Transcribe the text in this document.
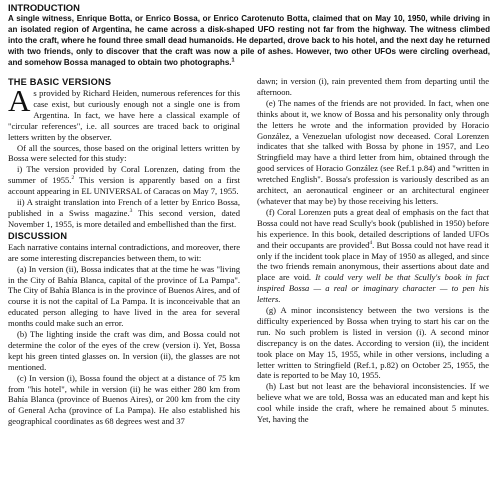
INTRODUCTION

A single witness, Enrique Botta, or Enrico Bossa, or Enrico Carotenuto Botta, claimed that on May 10, 1950, while driving in an isolated region of Argentina, he came across a disk-shaped UFO resting not far from the highway. The witness climbed into the craft, where he found three small dead humanoids. He departed, drove back to his hotel, and the next day he returned with two friends, only to discover that the craft was now a pile of ashes. However, two other UFOs were circling overhead, and somehow Bossa managed to obtain two photographs.$^1$

THE BASIC VERSIONS

As provided by Richard Heiden, numerous references for this case exist, but curiously enough not a single one is from Argentina. In fact, we have here a classical example of "circular references", i.e. all sources are traced back to original letters written by the observer.

Of all the sources, those based on the original letters written by Bossa were selected for this study:

i) The version provided by Coral Lorenzen, dating from the summer of 1955.$^2$ This version is apparently based on a first account appearing in EL UNIVERSAL of Caracas on May 7, 1955.

ii) A straight translation into French of a letter by Enrico Bossa, published in a Swiss magazine.$^3$ This second version, dated November 1, 1955, is more detailed and embellished than the first.

DISCUSSION

Each narrative contains internal contradictions, and moreover, there are some interesting discrepancies between them, to wit:

(a) In version (ii), Bossa indicates that at the time he was "living in the City of Bahía Blanca, capital of the province of La Pampa". The City of Bahía Blanca is in the province of Buenos Aires, and of course it is not the capital of La Pampa. It is inconceivable that an educated person alleging to have lived in the area for several months could make such an error.

(b) The lighting inside the craft was dim, and Bossa could not determine the color of the eyes of the crew (version i). Yet, Bossa kept his green tinted glasses on. In version (ii), the glasses are not mentioned.

(c) In version (i), Bossa found the object at a distance of 75 km from "his hotel", while in version (ii) he was either 280 km from Bahía Blanca (province of Buenos Aires), or 200 km from the city of General Acha (province of La Pampa). He also established his geographical coordinates as 68 degrees west and 37

dawn; in version (i), rain prevented them from departing until the afternoon.

(e) The names of the friends are not provided. In fact, when one thinks about it, we know of Bossa and his personality only through the letters he wrote and the information provided by Horacio González, a Venezuelan ufologist now deceased. Coral Lorenzen indicates that she talked with Bossa by phone in 1957, and Leo Stringfield may have a third letter from him, obtained through the good services of Horacio González (see Ref.1 p.84) and "written in wretched English". Bossa's profession is variously described as an architect, an aeronautical engineer or an architectural engineer (whatever that may be) by those receiving his letters.

(f) Coral Lorenzen puts a great deal of emphasis on the fact that Bossa could not have read Scully's book (published in 1950) before his experience. In this book, detailed descriptions of landed UFOs and their occupants are provided$^4$. But Bossa could not have read it only if the incident took place in May of 1950 as alleged, and since the two friends remain anonymous, their assertions about date and place are void. It could very well be that Scully's book in fact inspired Bossa — a real or imaginary character — to pen his letters.

(g) A minor inconsistency between the two versions is the difficulty experienced by Bossa when trying to start his car on the run. No such problem is listed in version (i). A second minor discrepancy is on the dates. According to version (ii), the incident took place on May 15, 1955, while in other versions, including a letter written to Stringfield (Ref.1, p.82) on October 25, 1955, the date is reported to be May 10, 1955.

(h) Last but not least are the behavioral inconsistencies. If we believe what we are told, Bossa was an educated man and kept his cool while inside the craft, where he remained about 5 minutes. Yet, having the
